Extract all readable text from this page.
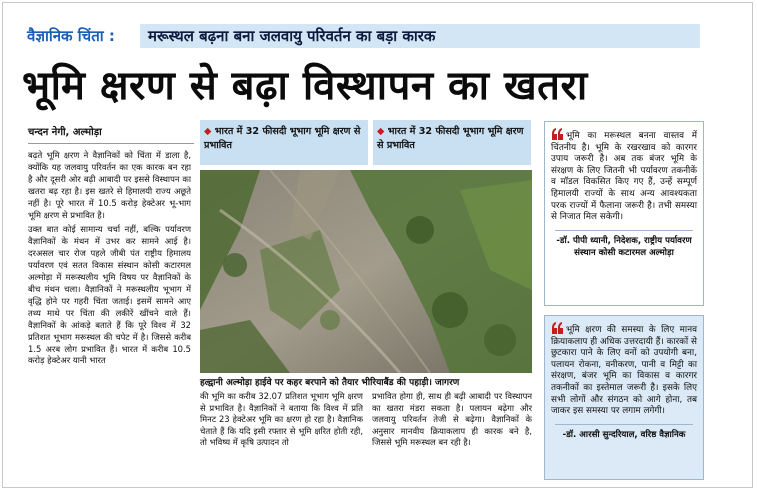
वैज्ञानिक चिंता : मरूस्थल बढ़ना बना जलवायु परिवर्तन का बड़ा कारक
भूमि क्षरण से बढ़ा विस्थापन का खतरा
चन्दन नेगी, अल्मोड़ा

बढ़ते भूमि क्षरण ने वैज्ञानिकों को चिंता में डाला है, क्योंकि यह जलवायु परिवर्तन का एक कारक बन रहा है और दूसरी ओर बढ़ी आबादी पर इससे विस्थापन का खतरा बढ़ रहा है। इस खतरे से हिमालयी राज्य अछूते नहीं है। पूरे भारत में 10.5 करोड़ हेक्टेअर भू-भाग भूमि क्षरण से प्रभावित है।

उक्त बात कोई सामान्य चर्चा नहीं, बल्कि पर्यावरण वैज्ञानिकों के मंथन में उभर कर सामने आई है। दरअसल चार रोज पहले जीबी पंत राष्ट्रीय हिमालय पर्यावरण एवं सतत विकास संस्थान कोसी कटारमल अल्मोड़ा में मरूस्थलीय भूमि विषय पर वैज्ञानिकों के बीच मंथन चला। वैज्ञानिकों ने मरूस्थलीय भूभाग में वृद्धि होने पर गहरी चिंता जताई। इसमें सामने आए तथ्य माथे पर चिंता की लकीरें खींचने वाले हैं। वैज्ञानिकों के आंकड़े बताते हैं कि पूरे विश्व में 32 प्रतिशत भूभाग मरूस्थल की चपेट में है। जिससे करीब 1.5 अरब लोग प्रभावित हैं। भारत में करीब 10.5 करोड़ हेक्टेअर यानी भारत

◆ भारत में 32 फीसदी भूभाग भूमि क्षरण से प्रभावित
◆ भारत में 32 फीसदी भूभाग भूमि क्षरण से प्रभावित
हल्द्वानी अल्मोड़ा हाईवे पर कहर बरपाने को तैयार भीरियाबैंड की पहाड़ी। जागरण
की भूमि का करीब 32.07 प्रतिशत भूभाग भूमि क्षरण से प्रभावित है। वैज्ञानिकों ने बताया कि विश्व में प्रति मिनट 23 हेक्टेअर भूमि का क्षरण हो रहा है। वैज्ञानिक चेताते हैं कि यदि इसी रफ्तार से भूमि क्षरित होती रही, तो भविष्य में कृषि उत्पादन तो
प्रभावित होगा ही, साथ ही बढ़ी आबादी पर विस्थापन का खतरा मंडरा सकता है। पलायन बढ़ेगा और जलवायु परिवर्तन तेजी से बढ़ेगा। वैज्ञानिकों के अनुसार मानवीय क्रियाकलाप ही कारक बने है, जिससे भूमि मरूस्थल बन रही है।
भूमि का मरूस्थल बनना वास्तव में चिंतनीय है। भूमि के रखरखाव को कारगर उपाय जरूरी है। अब तक बंजर भूमि के संरक्षण के लिए जितनी भी पर्यावरण तकनीकें व मॉडल विकसित किए गए हैं, उन्हें सम्पूर्ण हिमालयी राज्यों के साथ अन्य आवश्यकता परक राज्यों में फैलाना जरूरी है। तभी समस्या से निजात मिल सकेगी।
-डॉ. पीपी ध्यानी, निदेशक, राष्ट्रीय पर्यावरण संस्थान कोसी कटारमल अल्मोड़ा
भूमि क्षरण की समस्या के लिए मानव क्रियाकलाप ही अधिक उत्तरदायी हैं। कारकों से छुटकारा पाने के लिए वनों को उपयोगी बना, पलायन रोकना, वनीकरण, पानी व मिट्टी का संरक्षण, बंजर भूमि का विकास व कारगर तकनीकों का इस्तेमाल जरूरी है। इसके लिए सभी लोगों और संगठन को आगे होना, तब जाकर इस समस्या पर लगाम लगेगी।
-डॉ. आरसी सुन्दरियाल, वरिष्ठ वैज्ञानिक
